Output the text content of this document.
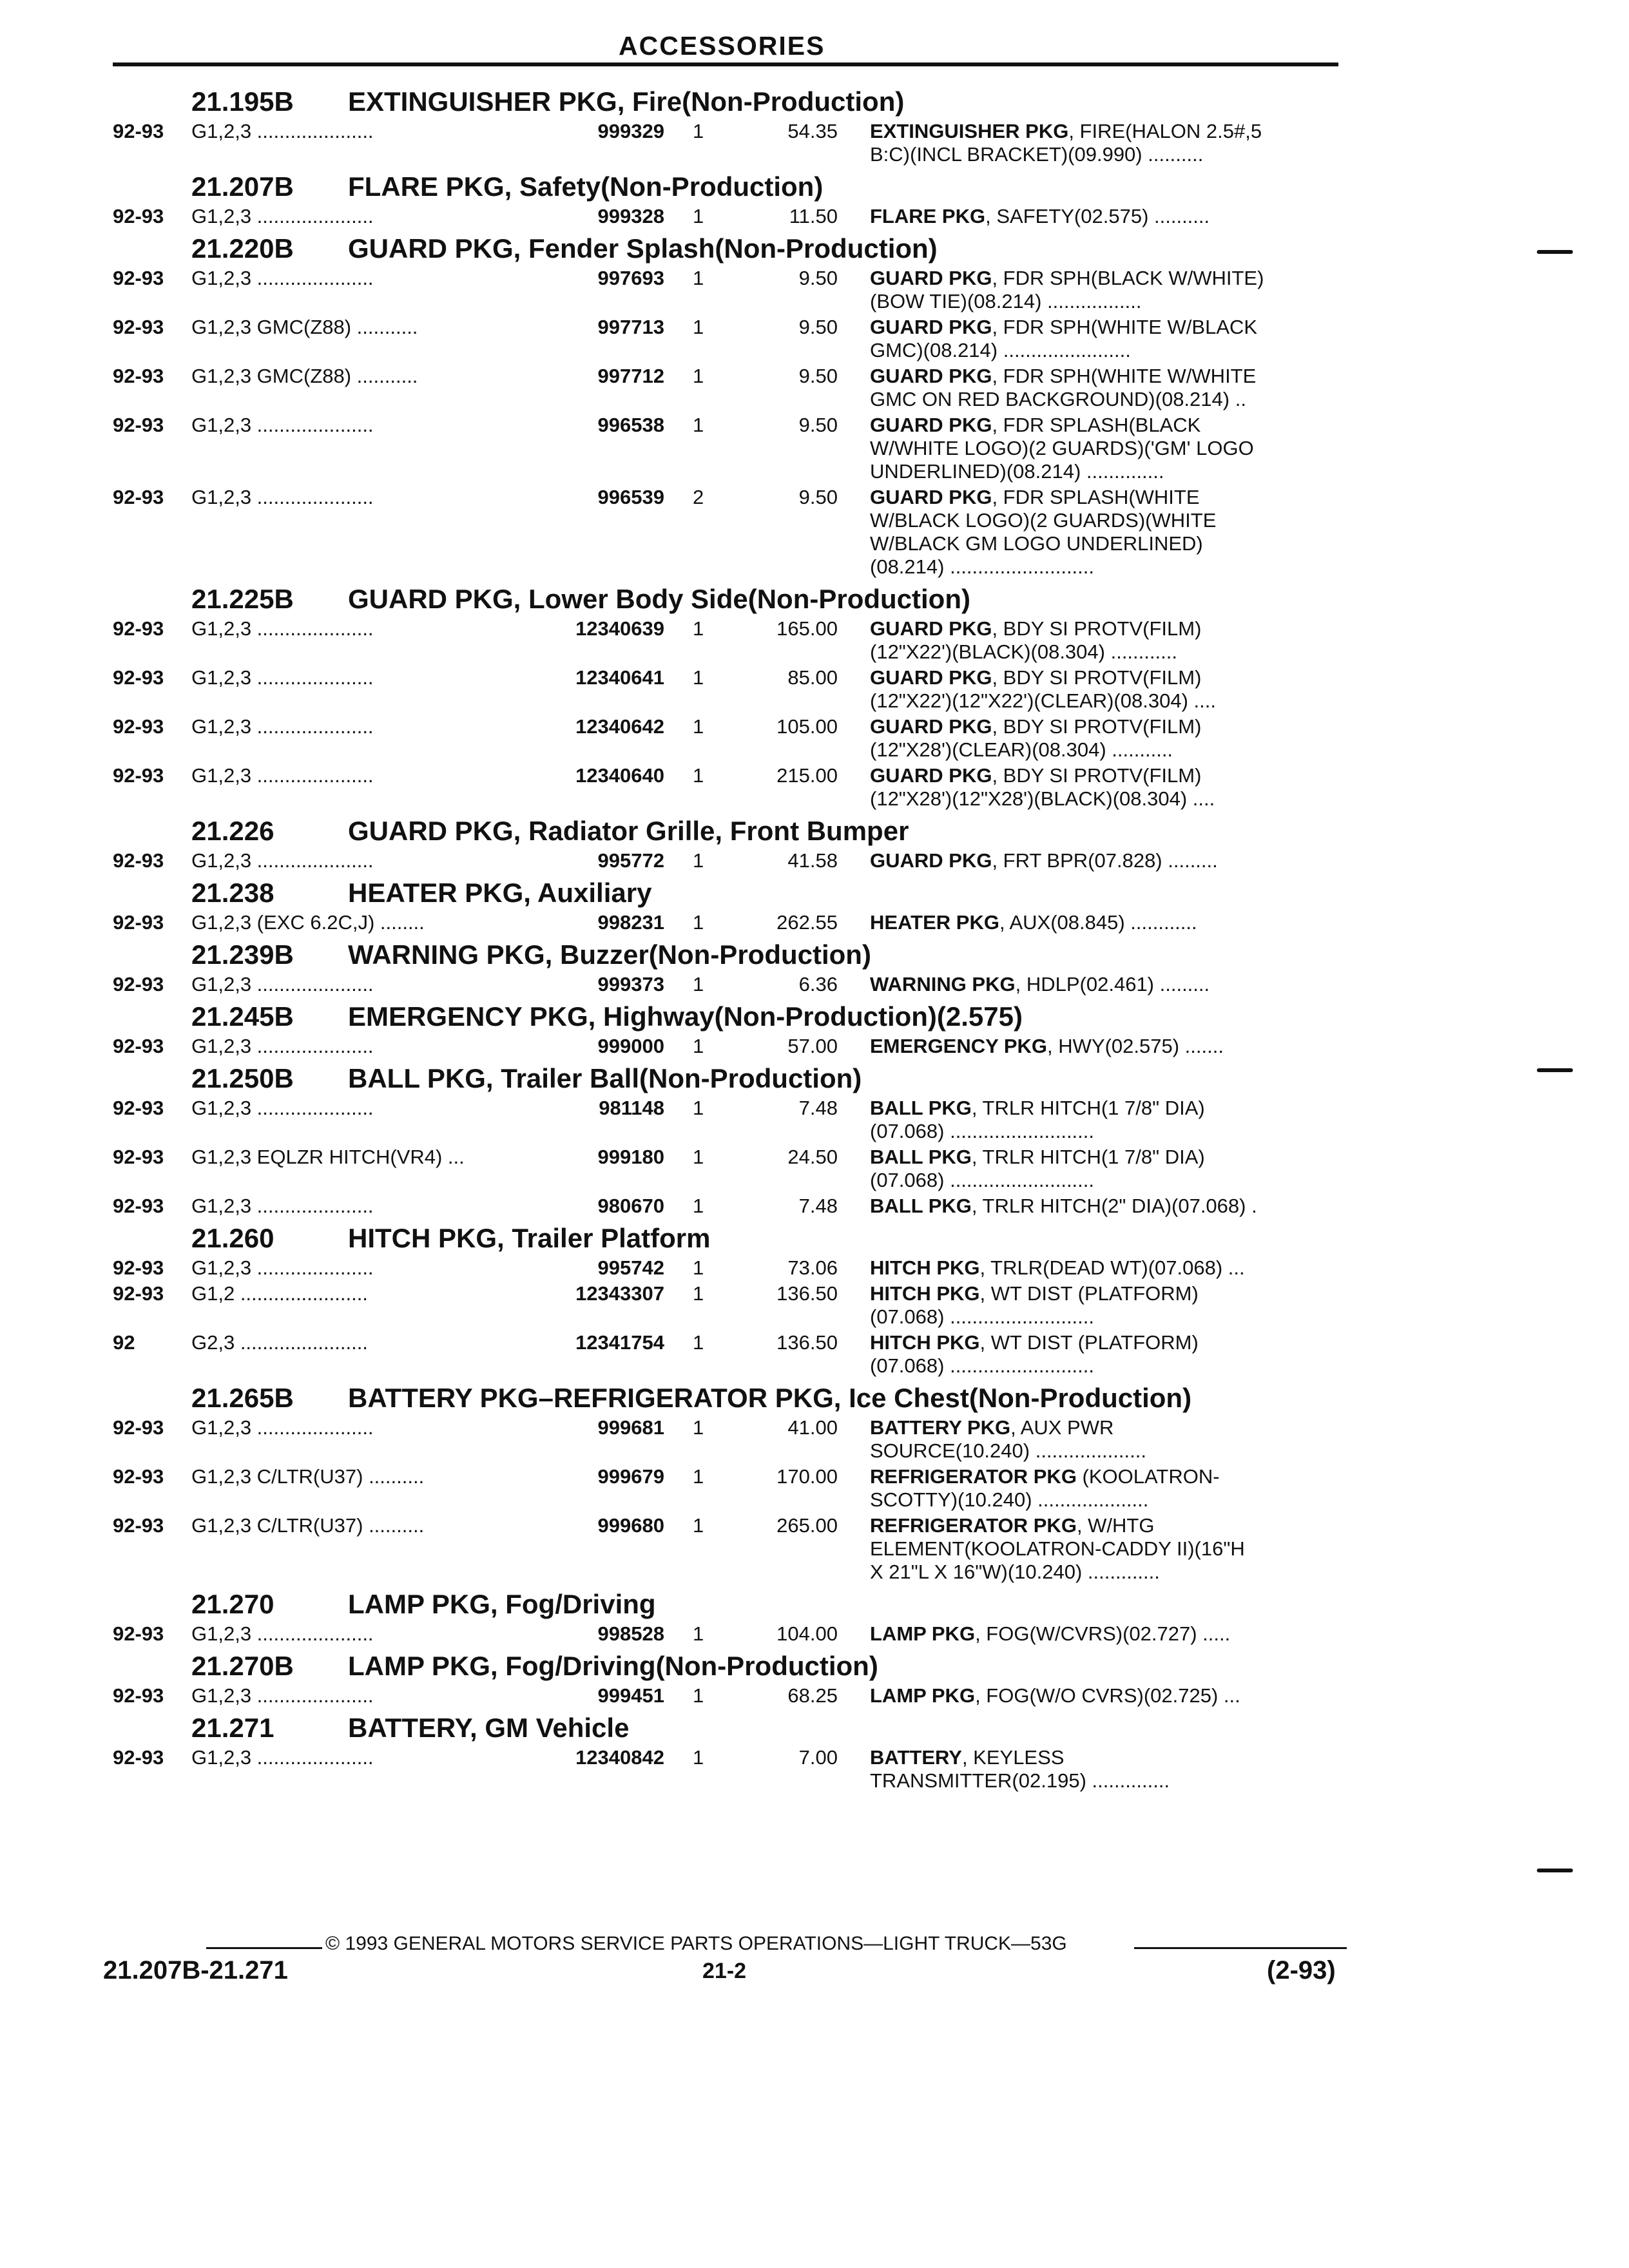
ACCESSORIES
21.195B EXTINGUISHER PKG, Fire(Non-Production)
92-93 G1,2,3 .....................	999329 1	54.35 EXTINGUISHER PKG, FIRE(HALON 2.5#,5
B:C)(INCL BRACKET)(09.990) ..........
21.207B FLARE PKG, Safety(Non-Production)
92-93 G1,2,3 .....................	999328 1	11.50 FLARE PKG, SAFETY(02.575) ..........
21.220B GUARD PKG, Fender Splash(Non-Production)
92-93 G1,2,3 .....................	997693 1	9.50 GUARD PKG, FDR SPH(BLACK W/WHITE)
(BOW TIE)(08.214) .................
92-93 G1,2,3 GMC(Z88) ...........	997713 1	9.50 GUARD PKG, FDR SPH(WHITE W/BLACK
GMC)(08.214) .......................
92-93 G1,2,3 GMC(Z88) ...........	997712 1	9.50 GUARD PKG, FDR SPH(WHITE W/WHITE
GMC ON RED BACKGROUND)(08.214) ..
92-93 G1,2,3 .....................	996538 1	9.50 GUARD PKG, FDR SPLASH(BLACK
W/WHITE LOGO)(2 GUARDS)('GM' LOGO
UNDERLINED)(08.214) ..............
92-93 G1,2,3 .....................	996539 2	9.50 GUARD PKG, FDR SPLASH(WHITE
W/BLACK LOGO)(2 GUARDS)(WHITE
W/BLACK GM LOGO UNDERLINED)
(08.214) ..........................
21.225B GUARD PKG, Lower Body Side(Non-Production)
92-93 G1,2,3 .....................	12340639 1	165.00 GUARD PKG, BDY SI PROTV(FILM)
(12"X22')(BLACK)(08.304) ............
92-93 G1,2,3 .....................	12340641 1	85.00 GUARD PKG, BDY SI PROTV(FILM)
(12"X22')(12"X22')(CLEAR)(08.304) ....
92-93 G1,2,3 .....................	12340642 1	105.00 GUARD PKG, BDY SI PROTV(FILM)
(12"X28')(CLEAR)(08.304) ...........
92-93 G1,2,3 .....................	12340640 1	215.00 GUARD PKG, BDY SI PROTV(FILM)
(12"X28')(12"X28')(BLACK)(08.304) ....
21.226	GUARD PKG, Radiator Grille, Front Bumper
92-93 G1,2,3 .....................	995772 1	41.58 GUARD PKG, FRT BPR(07.828) .........
21.238	HEATER PKG, Auxiliary
92-93 G1,2,3 (EXC 6.2C,J) ........	998231 1	262.55 HEATER PKG, AUX(08.845) ............
21.239B WARNING PKG, Buzzer(Non-Production)
92-93 G1,2,3 .....................	999373 1	6.36 WARNING PKG, HDLP(02.461) .........
21.245B EMERGENCY PKG, Highway(Non-Production)(2.575)
92-93 G1,2,3 .....................	999000 1	57.00 EMERGENCY PKG, HWY(02.575) .......
21.250B BALL PKG, Trailer Ball(Non-Production)
92-93 G1,2,3 .....................	981148 1	7.48 BALL PKG, TRLR HITCH(1 7/8" DIA)
(07.068) ..........................
92-93 G1,2,3 EQLZR HITCH(VR4) ...	999180 1	24.50 BALL PKG, TRLR HITCH(1 7/8" DIA)
(07.068) ..........................
92-93 G1,2,3 .....................	980670 1	7.48 BALL PKG, TRLR HITCH(2" DIA)(07.068) .
21.260	HITCH PKG, Trailer Platform
92-93 G1,2,3 .....................	995742 1	73.06 HITCH PKG, TRLR(DEAD WT)(07.068) ...
92-93 G1,2 .......................	12343307 1	136.50 HITCH PKG, WT DIST (PLATFORM)
(07.068) ..........................
92	G2,3 .......................	12341754 1	136.50 HITCH PKG, WT DIST (PLATFORM)
(07.068) ..........................
21.265B BATTERY PKG–REFRIGERATOR PKG, Ice Chest(Non-Production)
92-93 G1,2,3 .....................	999681 1	41.00 BATTERY PKG, AUX PWR
SOURCE(10.240) ....................
92-93 G1,2,3 C/LTR(U37) ..........	999679 1	170.00 REFRIGERATOR PKG (KOOLATRON-
SCOTTY)(10.240) ....................
92-93 G1,2,3 C/LTR(U37) ..........	999680 1	265.00 REFRIGERATOR PKG, W/HTG
ELEMENT(KOOLATRON-CADDY II)(16"H
X 21"L X 16"W)(10.240) .............
21.270	LAMP PKG, Fog/Driving
92-93 G1,2,3 .....................	998528 1	104.00 LAMP PKG, FOG(W/CVRS)(02.727) .....
21.270B LAMP PKG, Fog/Driving(Non-Production)
92-93 G1,2,3 .....................	999451 1	68.25 LAMP PKG, FOG(W/O CVRS)(02.725) ...
21.271	BATTERY, GM Vehicle
92-93 G1,2,3 .....................	12340842 1	7.00 BATTERY, KEYLESS
TRANSMITTER(02.195) ..............
© 1993 GENERAL MOTORS SERVICE PARTS OPERATIONS—LIGHT TRUCK—53G
21.207B-21.271	21-2	(2-93)
